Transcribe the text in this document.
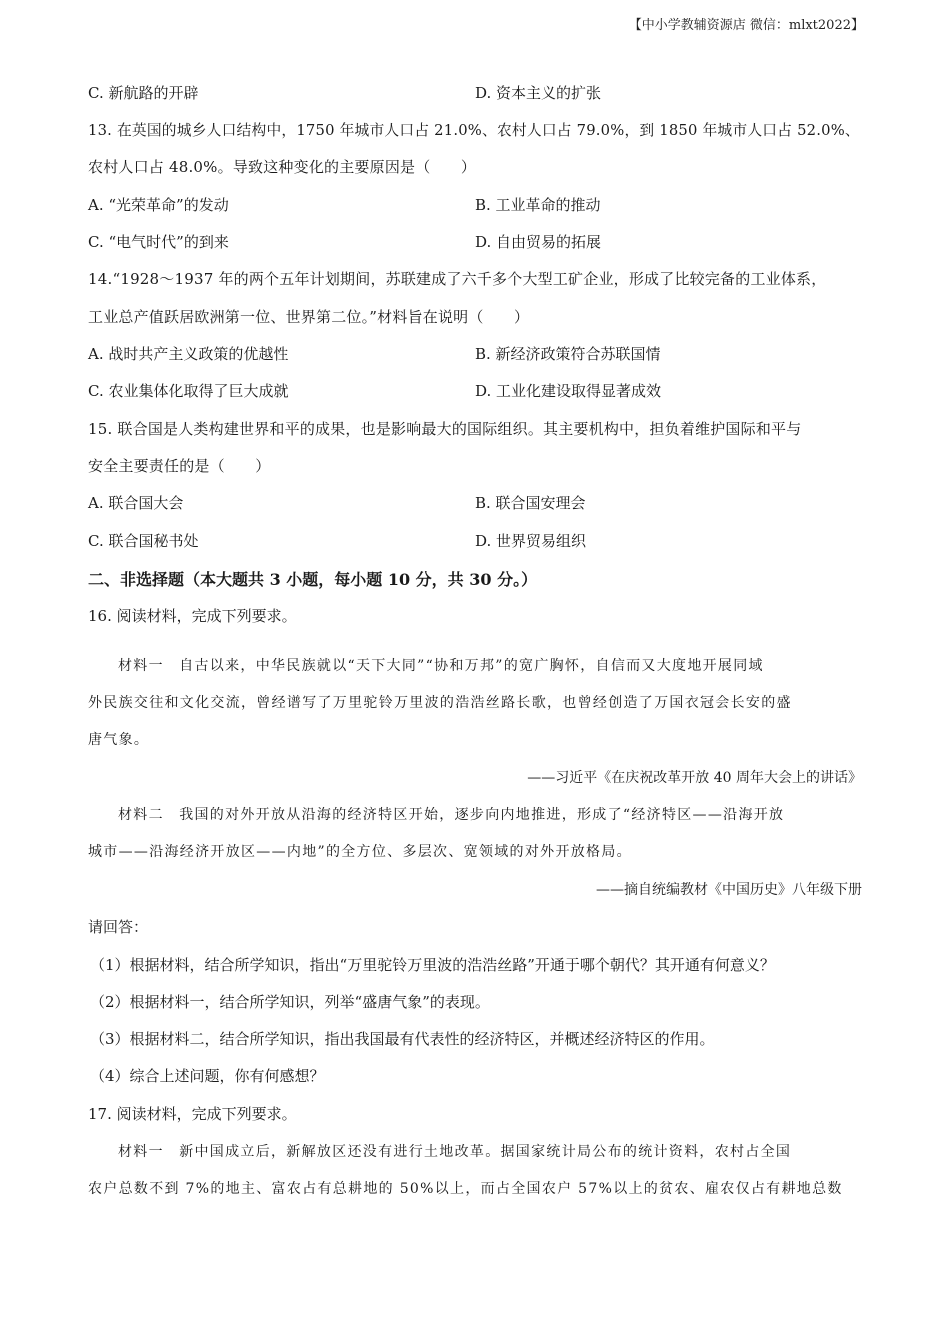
【中小学教辅资源店 微信：mlxt2022】
C. 新航路的开辟	D. 资本主义的扩张
13. 在英国的城乡人口结构中，1750 年城市人口占 21.0%、农村人口占 79.0%，到 1850 年城市人口占 52.0%、
农村人口占 48.0%。导致这种变化的主要原因是（　　）
A. “光荣革命”的发动	B. 工业革命的推动
C. “电气时代”的到来	D. 自由贸易的拓展
14.“1928～1937 年的两个五年计划期间，苏联建成了六千多个大型工矿企业，形成了比较完备的工业体系，
工业总产值跃居欧洲第一位、世界第二位。”材料旨在说明（　　）
A. 战时共产主义政策的优越性	B. 新经济政策符合苏联国情
C. 农业集体化取得了巨大成就	D. 工业化建设取得显著成效
15. 联合国是人类构建世界和平的成果，也是影响最大的国际组织。其主要机构中，担负着维护国际和平与
安全主要责任的是（　　）
A. 联合国大会	B. 联合国安理会
C. 联合国秘书处	D. 世界贸易组织
二、非选择题（本大题共 3 小题，每小题 10 分，共 30 分。）
16. 阅读材料，完成下列要求。
材料一　自古以来，中华民族就以“天下大同”“协和万邦”的宽广胸怀，自信而又大度地开展同域
外民族交往和文化交流，曾经谱写了万里驼铃万里波的浩浩丝路长歌，也曾经创造了万国衣冠会长安的盛
唐气象。
——习近平《在庆祝改革开放 40 周年大会上的讲话》
材料二　我国的对外开放从沿海的经济特区开始，逐步向内地推进，形成了“经济特区——沿海开放
城市——沿海经济开放区——内地”的全方位、多层次、宽领域的对外开放格局。
——摘自统编教材《中国历史》八年级下册
请回答：
（1）根据材料，结合所学知识，指出“万里驼铃万里波的浩浩丝路”开通于哪个朝代？其开通有何意义？
（2）根据材料一，结合所学知识，列举“盛唐气象”的表现。
（3）根据材料二，结合所学知识，指出我国最有代表性的经济特区，并概述经济特区的作用。
（4）综合上述问题，你有何感想？
17. 阅读材料，完成下列要求。
材料一　新中国成立后，新解放区还没有进行土地改革。据国家统计局公布的统计资料，农村占全国
农户总数不到 7%的地主、富农占有总耕地的 50%以上，而占全国农户 57%以上的贫农、雇农仅占有耕地总数
